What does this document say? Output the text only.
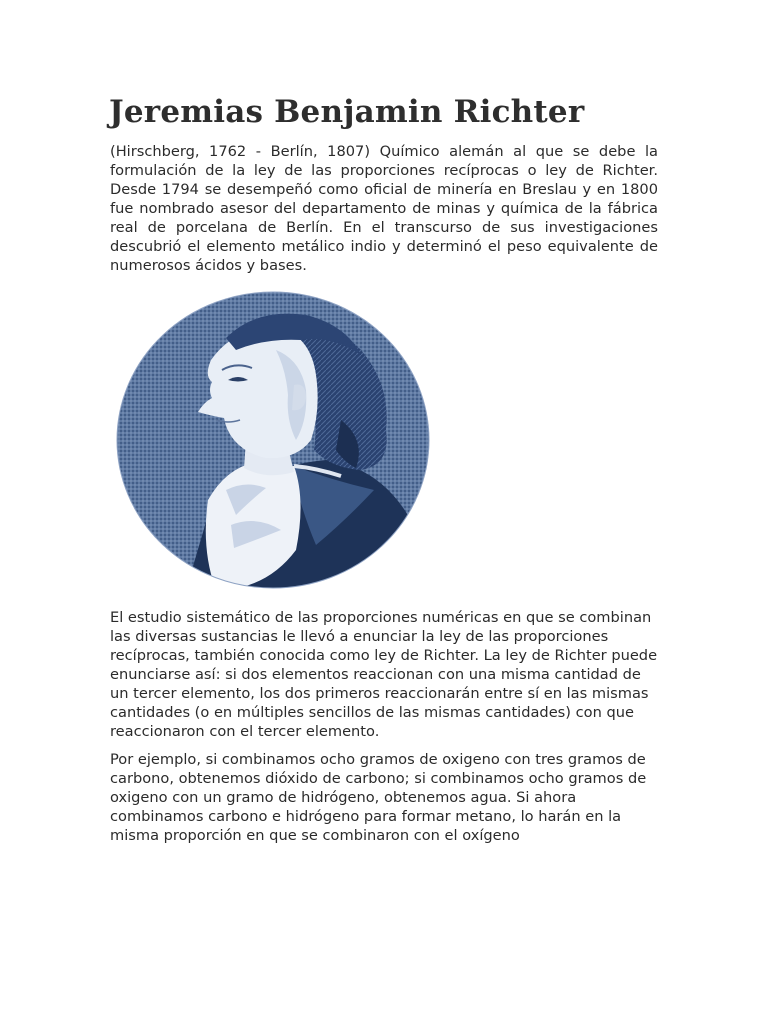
Jeremias Benjamin Richter

(Hirschberg, 1762 - Berlín, 1807) Químico alemán al que se debe la formulación de la ley de las proporciones recíprocas o ley de Richter. Desde 1794 se desempeñó como oficial de minería en Breslau y en 1800 fue nombrado asesor del departamento de minas y química de la fábrica real de porcelana de Berlín. En el transcurso de sus investigaciones descubrió el elemento metálico indio y determinó el peso equivalente de numerosos ácidos y bases.

El estudio sistemático de las proporciones numéricas en que se combinan las diversas sustancias le llevó a enunciar la ley de las proporciones recíprocas, también conocida como ley de Richter. La ley de Richter puede enunciarse así: si dos elementos reaccionan con una misma cantidad de un tercer elemento, los dos primeros reaccionarán entre sí en las mismas cantidades (o en múltiples sencillos de las mismas cantidades) con que reaccionaron con el tercer elemento.

Por ejemplo, si combinamos ocho gramos de oxigeno con tres gramos de carbono, obtenemos dióxido de carbono; si combinamos ocho gramos de oxigeno con un gramo de hidrógeno, obtenemos agua. Si ahora combinamos carbono e hidrógeno para formar metano, lo harán en la misma proporción en que se combinaron con el oxígeno
